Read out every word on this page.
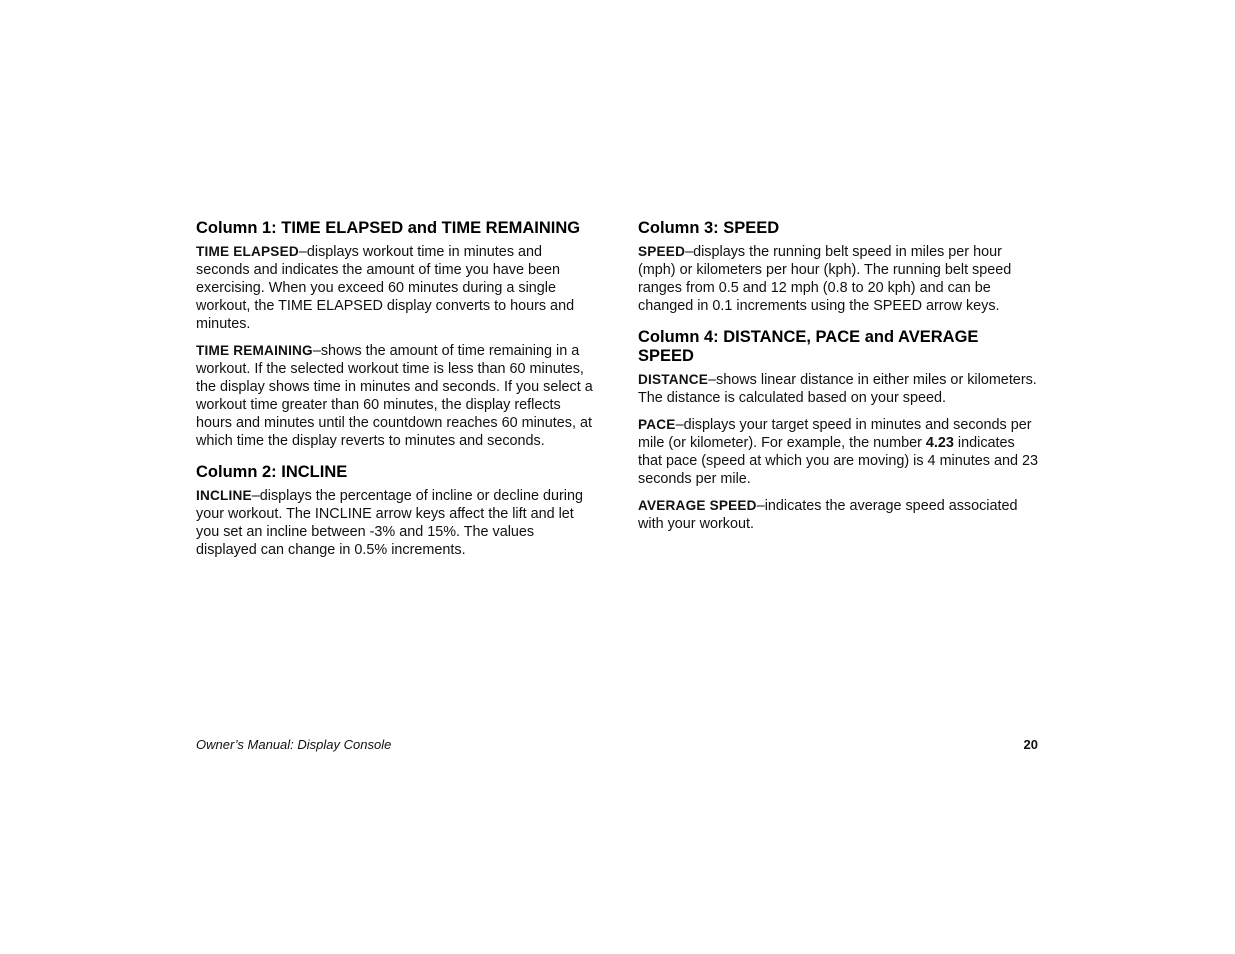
Column 1: TIME ELAPSED and TIME REMAINING

TIME ELAPSED–displays workout time in minutes and seconds and indicates the amount of time you have been exercising. When you exceed 60 minutes during a single workout, the TIME ELAPSED display converts to hours and minutes.

TIME REMAINING–shows the amount of time remaining in a workout. If the selected workout time is less than 60 minutes, the display shows time in minutes and seconds. If you select a workout time greater than 60 minutes, the display reflects hours and minutes until the countdown reaches 60 minutes, at which time the display reverts to minutes and seconds.

Column 2: INCLINE

INCLINE–displays the percentage of incline or decline during your workout. The INCLINE arrow keys affect the lift and let you set an incline between -3% and 15%. The values displayed can change in 0.5% increments.

Column 3: SPEED

SPEED–displays the running belt speed in miles per hour (mph) or kilometers per hour (kph). The running belt speed ranges from 0.5 and 12 mph (0.8 to 20 kph) and can be changed in 0.1 increments using the SPEED arrow keys.

Column 4: DISTANCE, PACE and AVERAGE SPEED

DISTANCE–shows linear distance in either miles or kilometers. The distance is calculated based on your speed.

PACE–displays your target speed in minutes and seconds per mile (or kilometer). For example, the number 4.23 indicates that pace (speed at which you are moving) is 4 minutes and 23 seconds per mile.

AVERAGE SPEED–indicates the average speed associated with your workout.

Owner’s Manual: Display Console	20
